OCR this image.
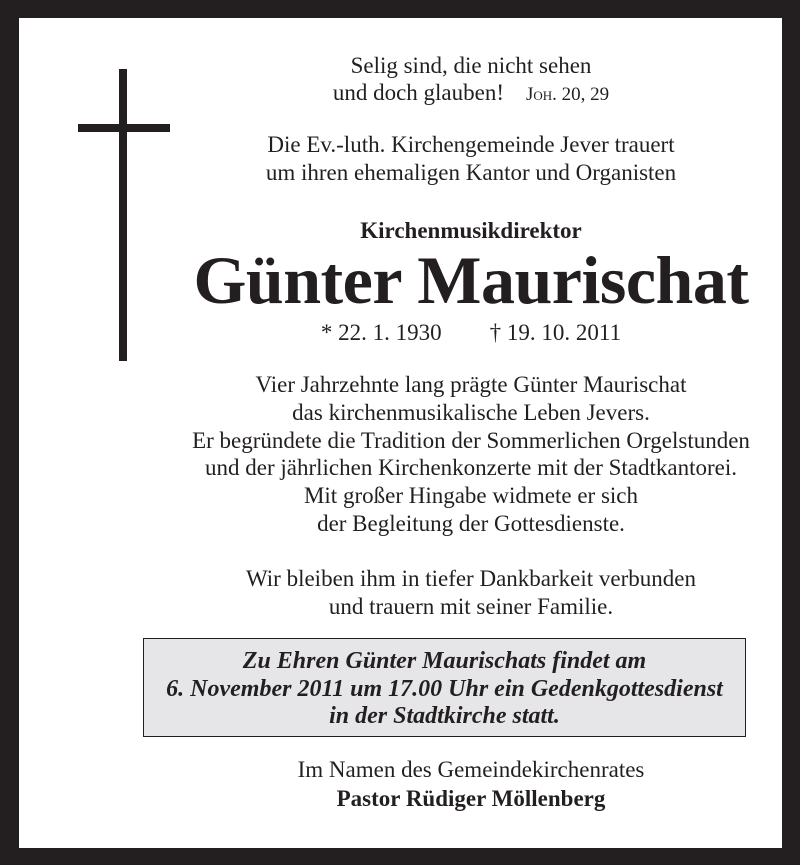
Selig sind, die nicht sehen
und doch glauben! Joh. 20, 29
Die Ev.-luth. Kirchengemeinde Jever trauert
um ihren ehemaligen Kantor und Organisten
Kirchenmusikdirektor
Günter Maurischat
* 22. 1. 1930 † 19. 10. 2011
Vier Jahrzehnte lang prägte Günter Maurischat
das kirchenmusikalische Leben Jevers.
Er begründete die Tradition der Sommerlichen Orgelstunden
und der jährlichen Kirchenkonzerte mit der Stadtkantorei.
Mit großer Hingabe widmete er sich
der Begleitung der Gottesdienste.
Wir bleiben ihm in tiefer Dankbarkeit verbunden
und trauern mit seiner Familie.
Zu Ehren Günter Maurischats findet am
6. November 2011 um 17.00 Uhr ein Gedenkgottesdienst
in der Stadtkirche statt.
Im Namen des Gemeindekirchenrates
Pastor Rüdiger Möllenberg
